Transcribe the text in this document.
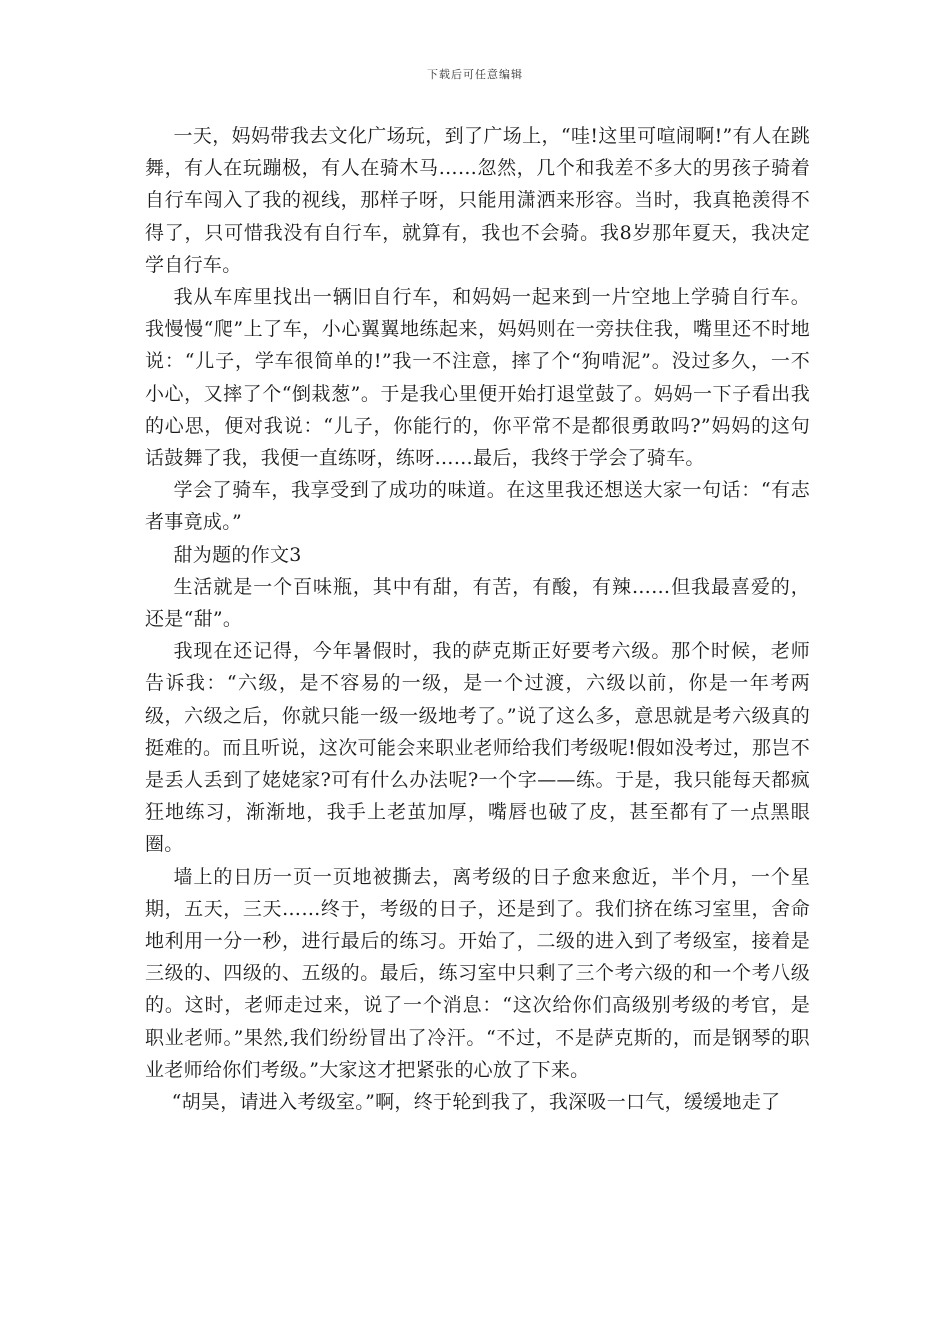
下载后可任意编辑

一天，妈妈带我去文化广场玩，到了广场上，“哇!这里可喧闹啊!”有人在跳舞，有人在玩蹦极，有人在骑木马……忽然，几个和我差不多大的男孩子骑着自行车闯入了我的视线，那样子呀，只能用潇洒来形容。当时，我真艳羡得不得了，只可惜我没有自行车，就算有，我也不会骑。我8岁那年夏天，我决定学自行车。

我从车库里找出一辆旧自行车，和妈妈一起来到一片空地上学骑自行车。我慢慢“爬”上了车，小心翼翼地练起来，妈妈则在一旁扶住我，嘴里还不时地说：“儿子，学车很简单的!”我一不注意，摔了个“狗啃泥”。没过多久，一不小心，又摔了个“倒栽葱”。于是我心里便开始打退堂鼓了。妈妈一下子看出我的心思，便对我说：“儿子，你能行的，你平常不是都很勇敢吗?”妈妈的这句话鼓舞了我，我便一直练呀，练呀……最后，我终于学会了骑车。

学会了骑车，我享受到了成功的味道。在这里我还想送大家一句话：“有志者事竟成。”

甜为题的作文3

生活就是一个百味瓶，其中有甜，有苦，有酸，有辣……但我最喜爱的，还是“甜”。

我现在还记得，今年暑假时，我的萨克斯正好要考六级。那个时候，老师告诉我：“六级，是不容易的一级，是一个过渡，六级以前，你是一年考两级，六级之后，你就只能一级一级地考了。”说了这么多，意思就是考六级真的挺难的。而且听说，这次可能会来职业老师给我们考级呢!假如没考过，那岂不是丢人丢到了姥姥家?可有什么办法呢?一个字——练。于是，我只能每天都疯狂地练习，渐渐地，我手上老茧加厚，嘴唇也破了皮，甚至都有了一点黑眼圈。

墙上的日历一页一页地被撕去，离考级的日子愈来愈近，半个月，一个星期，五天，三天……终于，考级的日子，还是到了。我们挤在练习室里，舍命地利用一分一秒，进行最后的练习。开始了，二级的进入到了考级室，接着是三级的、四级的、五级的。最后，练习室中只剩了三个考六级的和一个考八级的。这时，老师走过来，说了一个消息：“这次给你们高级别考级的考官，是职业老师。”果然,我们纷纷冒出了冷汗。“不过，不是萨克斯的，而是钢琴的职业老师给你们考级。”大家这才把紧张的心放了下来。

“胡昊，请进入考级室。”啊，终于轮到我了，我深吸一口气，缓缓地走了
